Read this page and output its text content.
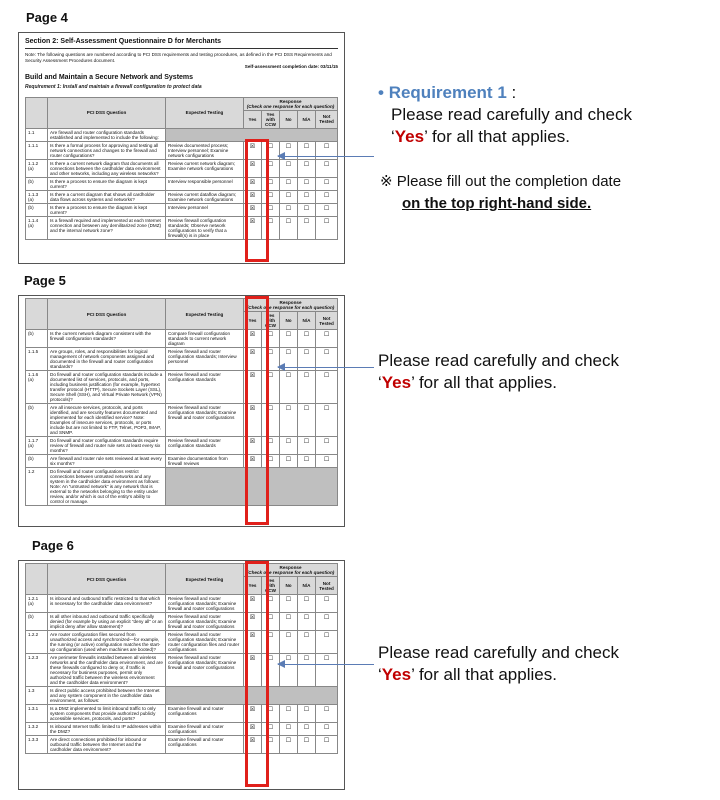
Page 4
Section 2: Self-Assessment Questionnaire D for Merchants
Note: The following questions are numbered according to PCI DSS requirements and testing procedures, as defined in the PCI DSS Requirements and Security Assessment Procedures document.
Self-assessment completion date: 03/11/15
Build and Maintain a Secure Network and Systems
Requirement 1: Install and maintain a firewall configuration to protect data
	PCI DSS Question	Expected Testing	Response
(Check one response for each question)				

			Yes	Yes with CCW	No	N/A	Not Tested
1.1	Are firewall and router configuration standards established and implemented to include the following:						
1.1.1	Is there a formal process for approving and testing all network connections and changes to the firewall and router configurations?	Review documented process; Interview personnel; Examine network configurations	☒	☐	☐	☐	☐
1.1.2 (a)	Is there a current network diagram that documents all connections between the cardholder data environment and other networks, including any wireless networks?	Review current network diagram; Examine network configurations	☒	☐	☐	☐	☐
(b)	Is there a process to ensure the diagram is kept current?	Interview responsible personnel	☒	☐	☐	☐	☐
1.1.3 (a)	Is there a current diagram that shows all cardholder data flows across systems and networks?	Review current dataflow diagram; Examine network configurations	☒	☐	☐	☐	☐
(b)	Is there a process to ensure the diagram is kept current?	Interview personnel	☒	☐	☐	☐	☐
1.1.4 (a)	Is a firewall required and implemented at each Internet connection and between any demilitarized zone (DMZ) and the internal network zone?	Review firewall configuration standards; Observe network configurations to verify that a firewall(s) is in place	☒	☐	☐	☐	☐
Page 5
	PCI DSS Question	Expected Testing	Response
(Check one response for each question)				

			Yes	Yes with CCW	No	N/A	Not Tested
(b)	Is the current network diagram consistent with the firewall configuration standards?	Compare firewall configuration standards to current network diagram	☒	☐	☐	☐	☐
1.1.5	Are groups, roles, and responsibilities for logical management of network components assigned and documented in the firewall and router configuration standards?	Review firewall and router configuration standards; Interview personnel	☒	☐	☐	☐	☐
1.1.6 (a)	Do firewall and router configuration standards include a documented list of services, protocols, and ports, including business justification (for example, hypertext transfer protocol (HTTP), Secure Sockets Layer (SSL), Secure Shell (SSH), and Virtual Private Network (VPN) protocols)?	Review firewall and router configuration standards	☒	☐	☐	☐	☐
(b)	Are all insecure services, protocols, and ports identified, and are security features documented and implemented for each identified service? Note: Examples of insecure services, protocols, or ports include but are not limited to FTP, Telnet, POP3, IMAP, and SNMP.	Review firewall and router configuration standards; Examine firewall and router configurations	☒	☐	☐	☐	☐
1.1.7 (a)	Do firewall and router configuration standards require review of firewall and router rule sets at least every six months?	Review firewall and router configuration standards	☒	☐	☐	☐	☐
(b)	Are firewall and router rule sets reviewed at least every six months?	Examine documentation from firewall reviews	☒	☐	☐	☐	☐
1.2	Do firewall and router configurations restrict connections between untrusted networks and any system in the cardholder data environment as follows: Note: An “untrusted network” is any network that is external to the networks belonging to the entity under review, and/or which is out of the entity’s ability to control or manage.						
Page 6
	PCI DSS Question	Expected Testing	Response
(Check one response for each question)				

			Yes	Yes with CCW	No	N/A	Not Tested
1.2.1 (a)	Is inbound and outbound traffic restricted to that which is necessary for the cardholder data environment?	Review firewall and router configuration standards; Examine firewall and router configurations	☒	☐	☐	☐	☐
(b)	Is all other inbound and outbound traffic specifically denied (for example by using an explicit “deny all” or an implicit deny after allow statement)?	Review firewall and router configuration standards; Examine firewall and router configurations	☒	☐	☐	☐	☐
1.2.2	Are router configuration files secured from unauthorized access and synchronized—for example, the running (or active) configuration matches the start-up configuration (used when machines are booted)?	Review firewall and router configuration standards; Examine router configuration files and router configurations	☒	☐	☐	☐	☐
1.2.3	Are perimeter firewalls installed between all wireless networks and the cardholder data environment, and are these firewalls configured to deny or, if traffic is necessary for business purposes, permit only authorized traffic between the wireless environment and the cardholder data environment?	Review firewall and router configuration standards; Examine firewall and router configurations	☒	☐	☐	☐	☐
1.3	Is direct public access prohibited between the Internet and any system component in the cardholder data environment, as follows:						
1.3.1	Is a DMZ implemented to limit inbound traffic to only system components that provide authorized publicly accessible services, protocols, and ports?	Examine firewall and router configurations	☒	☐	☐	☐	☐
1.3.2	Is inbound Internet traffic limited to IP addresses within the DMZ?	Examine firewall and router configurations	☒	☐	☐	☐	☐
1.3.3	Are direct connections prohibited for inbound or outbound traffic between the Internet and the cardholder data environment?	Examine firewall and router configurations	☒	☐	☐	☐	☐
• Requirement 1 :
Please read carefully and check
‘Yes’ for all that applies.
※ Please fill out the completion date
on the top right-hand side.
Please read carefully and check
‘Yes’ for all that applies.
Please read carefully and check
‘Yes’ for all that applies.
